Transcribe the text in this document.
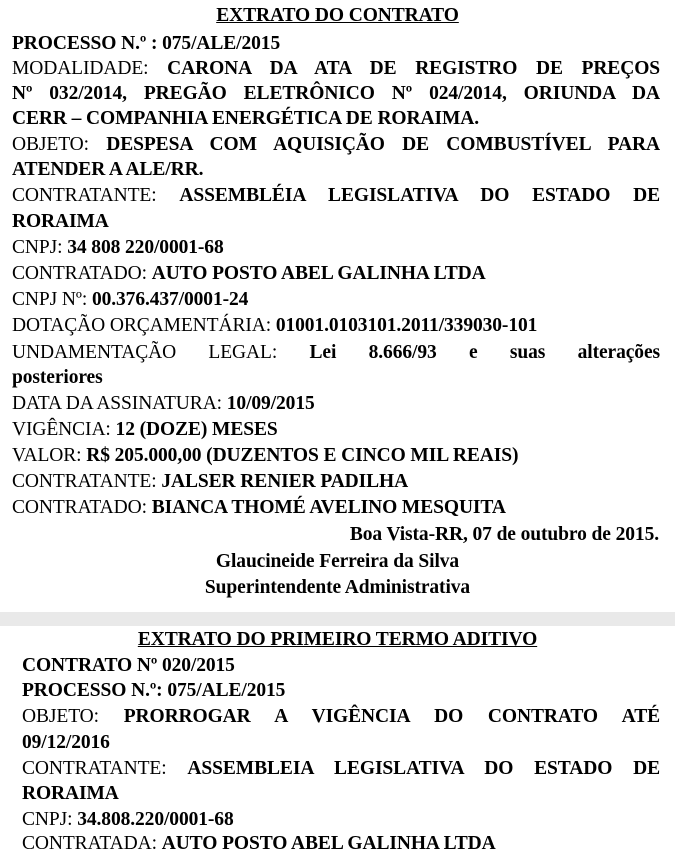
EXTRATO DO CONTRATO
PROCESSO N.º : 075/ALE/2015
MODALIDADE: CARONA DA ATA DE REGISTRO DE PREÇOS
Nº 032/2014, PREGÃO ELETRÔNICO Nº 024/2014, ORIUNDA DA
CERR – COMPANHIA ENERGÉTICA DE RORAIMA.
OBJETO: DESPESA COM AQUISIÇÃO DE COMBUSTÍVEL PARA
ATENDER A ALE/RR.
CONTRATANTE: ASSEMBLÉIA LEGISLATIVA DO ESTADO DE
RORAIMA
CNPJ: 34 808 220/0001-68
CONTRATADO: AUTO POSTO ABEL GALINHA LTDA
CNPJ Nº: 00.376.437/0001-24
DOTAÇÃO ORÇAMENTÁRIA: 01001.0103101.2011/339030-101
UNDAMENTAÇÃO LEGAL: Lei 8.666/93 e suas alterações
posteriores
DATA DA ASSINATURA: 10/09/2015
VIGÊNCIA: 12 (DOZE) MESES
VALOR: R$ 205.000,00 (DUZENTOS E CINCO MIL REAIS)
CONTRATANTE: JALSER RENIER PADILHA
CONTRATADO: BIANCA THOMÉ AVELINO MESQUITA
Boa Vista-RR, 07 de outubro de 2015.
Glaucineide Ferreira da Silva
Superintendente Administrativa
EXTRATO DO PRIMEIRO TERMO ADITIVO
CONTRATO Nº 020/2015
PROCESSO N.º: 075/ALE/2015
OBJETO: PRORROGAR A VIGÊNCIA DO CONTRATO ATÉ
09/12/2016
CONTRATANTE: ASSEMBLEIA LEGISLATIVA DO ESTADO DE
RORAIMA
CNPJ: 34.808.220/0001-68
CONTRATADA: AUTO POSTO ABEL GALINHA LTDA
